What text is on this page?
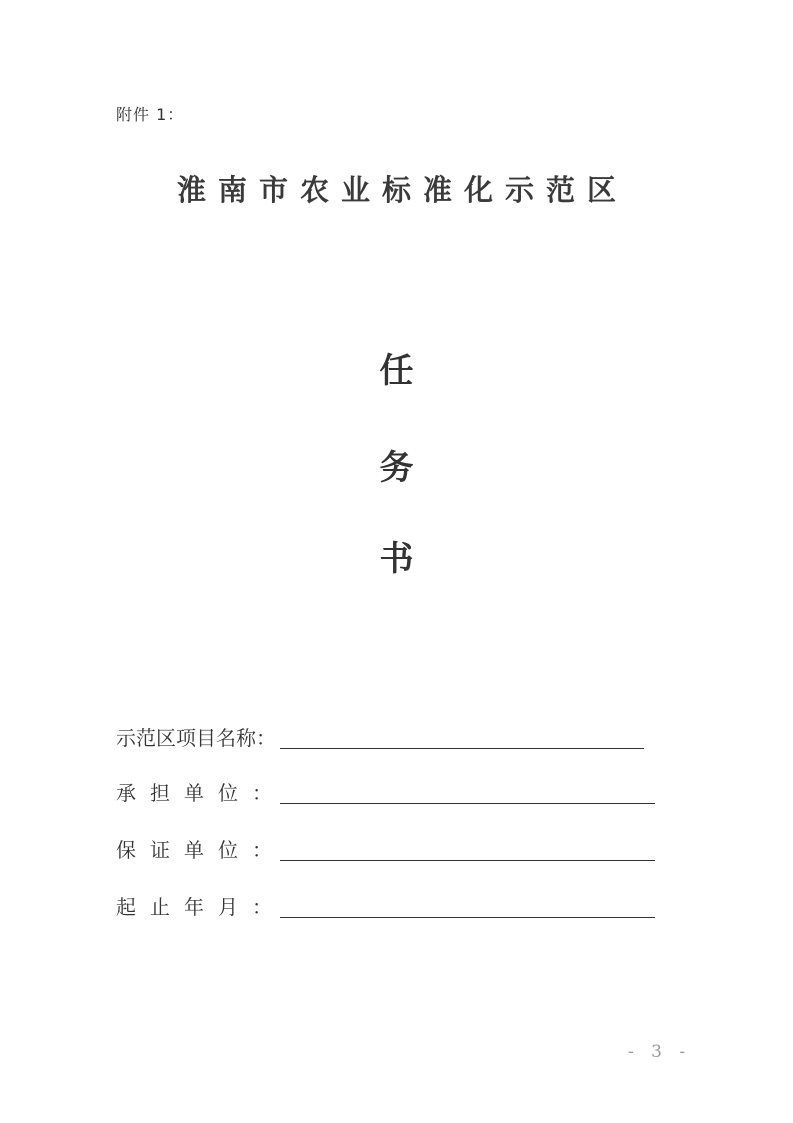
附件 1：
淮南市农业标准化示范区
任
务
书
示范区项目名称：
承担单位：
保证单位：
起止年月：
- 3 -
